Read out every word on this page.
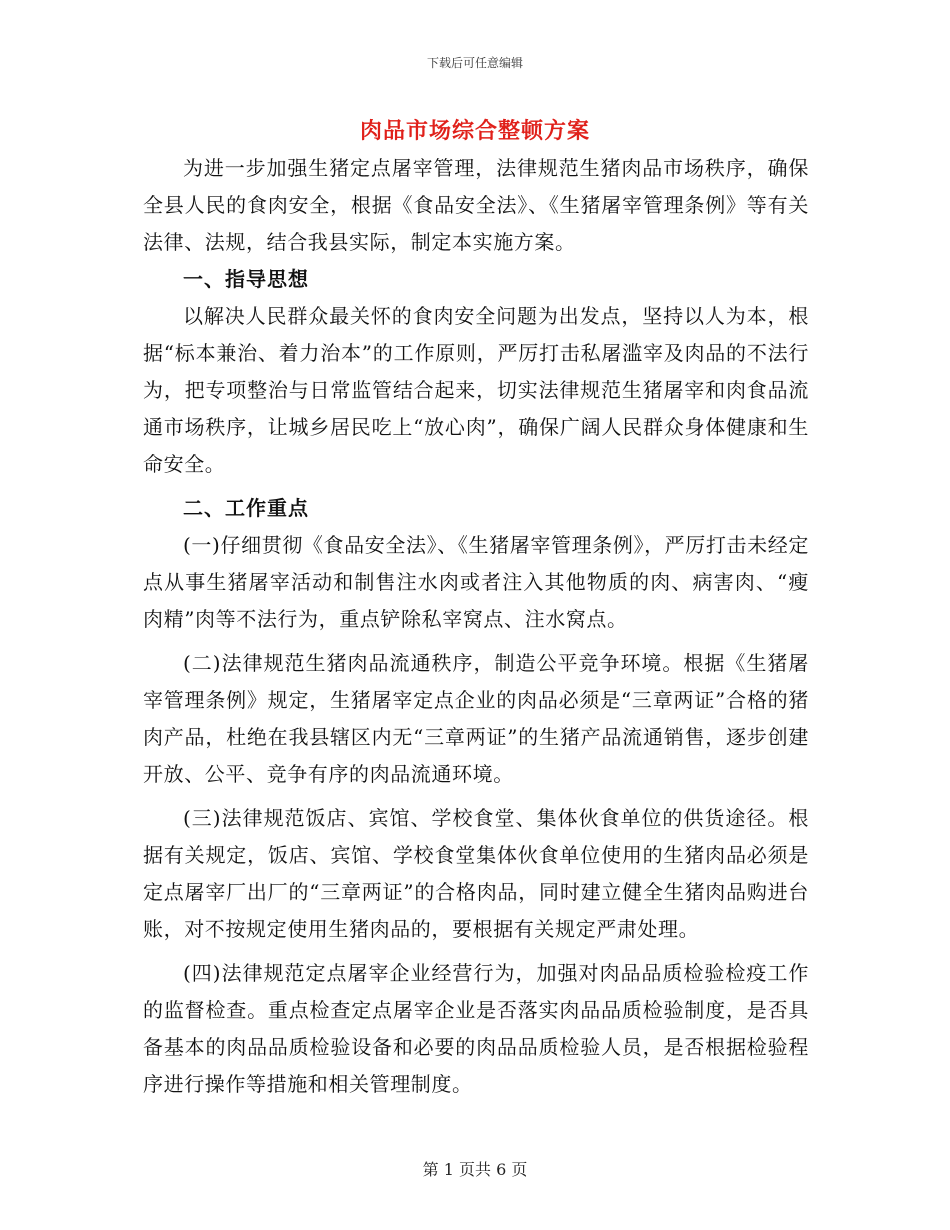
下载后可任意编辑
肉品市场综合整顿方案

为进一步加强生猪定点屠宰管理，法律规范生猪肉品市场秩序，确保全县人民的食肉安全，根据《食品安全法》、《生猪屠宰管理条例》等有关法律、法规，结合我县实际，制定本实施方案。

一、指导思想

以解决人民群众最关怀的食肉安全问题为出发点，坚持以人为本，根据“标本兼治、着力治本”的工作原则，严厉打击私屠滥宰及肉品的不法行为，把专项整治与日常监管结合起来，切实法律规范生猪屠宰和肉食品流通市场秩序，让城乡居民吃上“放心肉”，确保广阔人民群众身体健康和生命安全。

二、工作重点

(一)仔细贯彻《食品安全法》、《生猪屠宰管理条例》，严厉打击未经定点从事生猪屠宰活动和制售注水肉或者注入其他物质的肉、病害肉、“瘦肉精”肉等不法行为，重点铲除私宰窝点、注水窝点。

(二)法律规范生猪肉品流通秩序，制造公平竞争环境。根据《生猪屠宰管理条例》规定，生猪屠宰定点企业的肉品必须是“三章两证”合格的猪肉产品，杜绝在我县辖区内无“三章两证”的生猪产品流通销售，逐步创建开放、公平、竞争有序的肉品流通环境。

(三)法律规范饭店、宾馆、学校食堂、集体伙食单位的供货途径。根据有关规定，饭店、宾馆、学校食堂集体伙食单位使用的生猪肉品必须是定点屠宰厂出厂的“三章两证”的合格肉品，同时建立健全生猪肉品购进台账，对不按规定使用生猪肉品的，要根据有关规定严肃处理。

(四)法律规范定点屠宰企业经营行为，加强对肉品品质检验检疫工作的监督检查。重点检查定点屠宰企业是否落实肉品品质检验制度，是否具备基本的肉品品质检验设备和必要的肉品品质检验人员，是否根据检验程序进行操作等措施和相关管理制度。

第 1 页共 6 页
